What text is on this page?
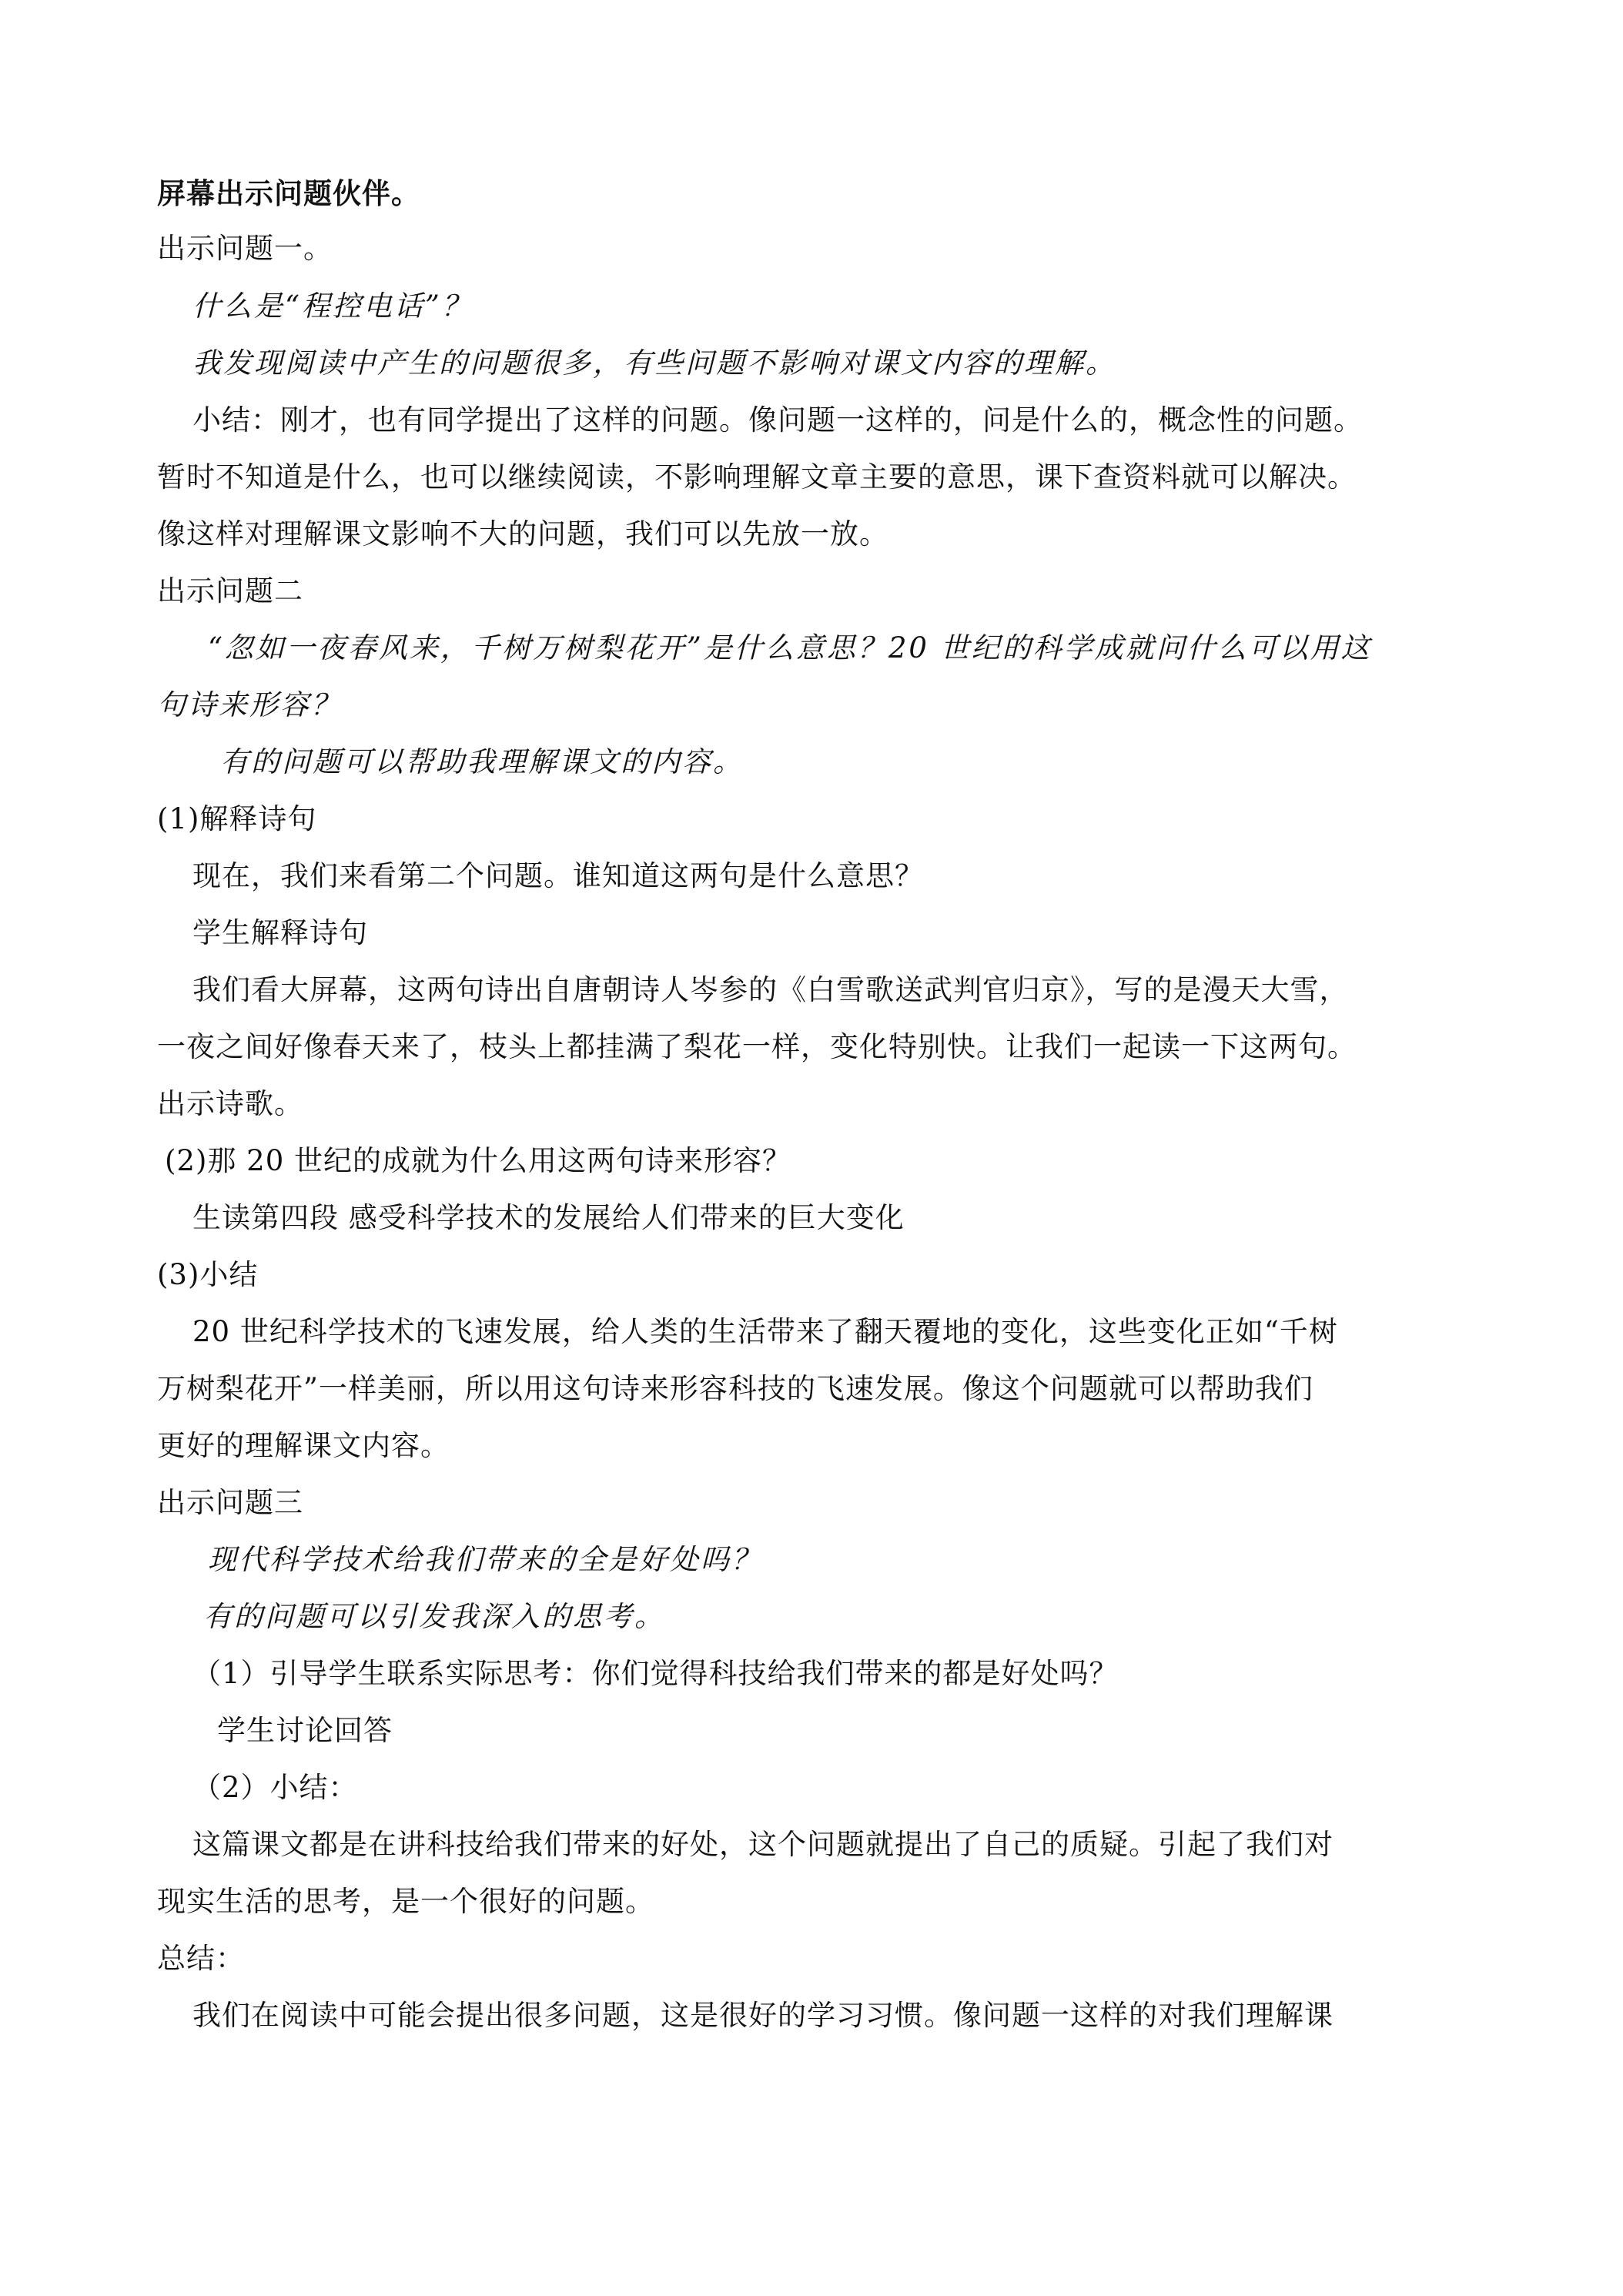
屏幕出示问题伙伴。
出示问题一。
什么是“程控电话”？
我发现阅读中产生的问题很多，有些问题不影响对课文内容的理解。
小结：刚才，也有同学提出了这样的问题。像问题一这样的，问是什么的，概念性的问题。
暂时不知道是什么，也可以继续阅读，不影响理解文章主要的意思，课下查资料就可以解决。
像这样对理解课文影响不大的问题，我们可以先放一放。
出示问题二
“忽如一夜春风来，千树万树梨花开”是什么意思？20 世纪的科学成就问什么可以用这
句诗来形容？
有的问题可以帮助我理解课文的内容。
(1)解释诗句
现在，我们来看第二个问题。谁知道这两句是什么意思？
学生解释诗句
我们看大屏幕，这两句诗出自唐朝诗人岑参的《白雪歌送武判官归京》，写的是漫天大雪，
一夜之间好像春天来了，枝头上都挂满了梨花一样，变化特别快。让我们一起读一下这两句。
出示诗歌。
(2)那 20 世纪的成就为什么用这两句诗来形容？
生读第四段 感受科学技术的发展给人们带来的巨大变化
(3)小结
20 世纪科学技术的飞速发展，给人类的生活带来了翻天覆地的变化，这些变化正如“千树
万树梨花开”一样美丽，所以用这句诗来形容科技的飞速发展。像这个问题就可以帮助我们
更好的理解课文内容。
出示问题三
现代科学技术给我们带来的全是好处吗？
有的问题可以引发我深入的思考。
（1）引导学生联系实际思考：你们觉得科技给我们带来的都是好处吗？
学生讨论回答
（2）小结：
这篇课文都是在讲科技给我们带来的好处，这个问题就提出了自己的质疑。引起了我们对
现实生活的思考，是一个很好的问题。
总结：
我们在阅读中可能会提出很多问题，这是很好的学习习惯。像问题一这样的对我们理解课
